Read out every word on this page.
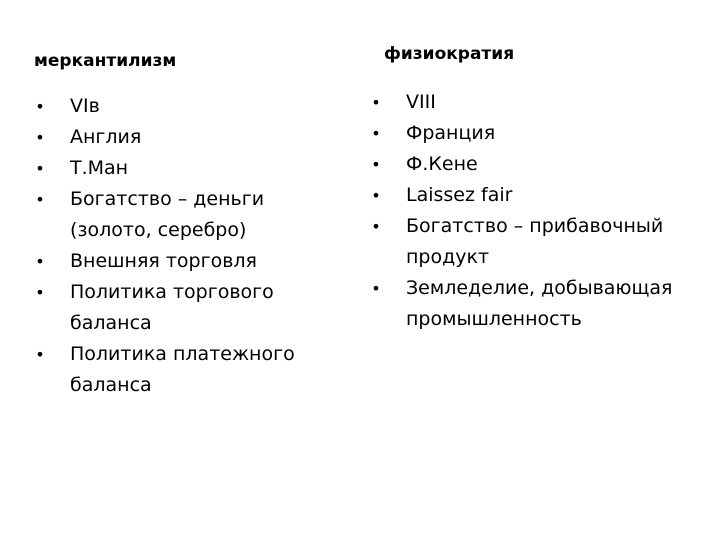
меркантилизм	физиократия
• VIв
• Англия
• Т.Ман
• Богатство – деньги (золото, серебро)
• Внешняя торговля
• Политика торгового баланса
• Политика платежного баланса
• VIII
• Франция
• Ф.Кене
• Laissez fair
• Богатство – прибавочный продукт
• Земледелие, добывающая промышленность
